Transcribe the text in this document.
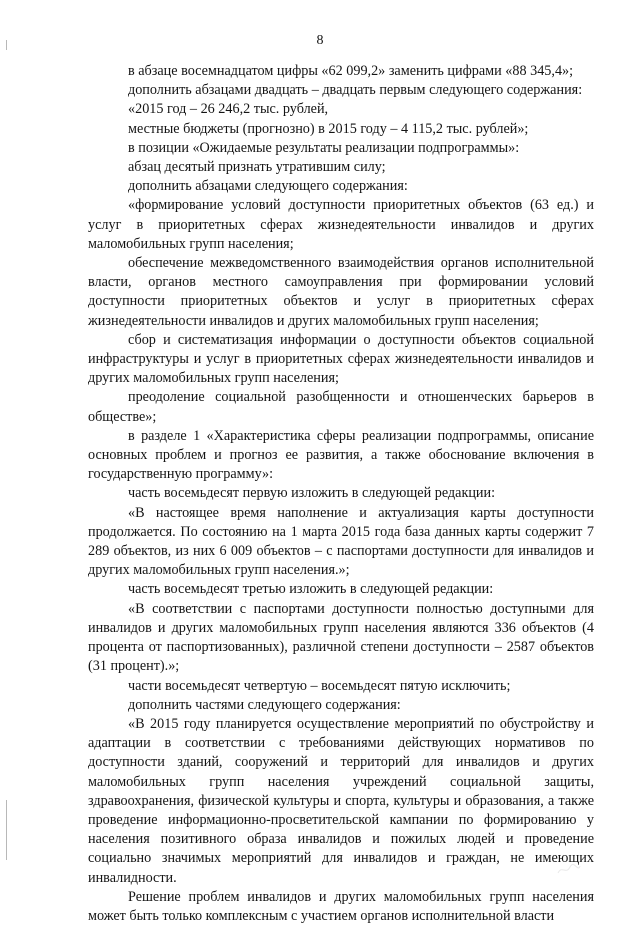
8

в абзаце восемнадцатом цифры «62 099,2» заменить цифрами «88 345,4»;

дополнить абзацами двадцать – двадцать первым следующего содержания:

«2015 год – 26 246,2 тыс. рублей,

местные бюджеты (прогнозно) в 2015 году – 4 115,2 тыс. рублей»;

в позиции «Ожидаемые результаты реализации подпрограммы»:

абзац десятый признать утратившим силу;

дополнить абзацами следующего содержания:

«формирование условий доступности приоритетных объектов (63 ед.) и услуг в приоритетных сферах жизнедеятельности инвалидов и других маломобильных групп населения;

обеспечение межведомственного взаимодействия органов исполнительной власти, органов местного самоуправления при формировании условий доступности приоритетных объектов и услуг в приоритетных сферах жизнедеятельности инвалидов и других маломобильных групп населения;

сбор и систематизация информации о доступности объектов социальной инфраструктуры и услуг в приоритетных сферах жизнедеятельности инвалидов и других маломобильных групп населения;

преодоление социальной разобщенности и отношенческих барьеров в обществе»;

в разделе 1 «Характеристика сферы реализации подпрограммы, описание основных проблем и прогноз ее развития, а также обоснование включения в государственную программу»:

часть восемьдесят первую изложить в следующей редакции:

«В настоящее время наполнение и актуализация карты доступности продолжается. По состоянию на 1 марта 2015 года база данных карты содержит 7 289 объектов, из них 6 009 объектов – с паспортами доступности для инвалидов и других маломобильных групп населения.»;

часть восемьдесят третью изложить в следующей редакции:

«В соответствии с паспортами доступности полностью доступными для инвалидов и других маломобильных групп населения являются 336 объектов (4 процента от паспортизованных), различной степени доступности – 2587 объектов (31 процент).»;

части восемьдесят четвертую – восемьдесят пятую исключить;

дополнить частями следующего содержания:

«В 2015 году планируется осуществление мероприятий по обустройству и адаптации в соответствии с требованиями действующих нормативов по доступности зданий, сооружений и территорий для инвалидов и других маломобильных групп населения учреждений социальной защиты, здравоохранения, физической культуры и спорта, культуры и образования, а также проведение информационно-просветительской кампании по формированию у населения позитивного образа инвалидов и пожилых людей и проведение социально значимых мероприятий для инвалидов и граждан, не имеющих инвалидности.

Решение проблем инвалидов и других маломобильных групп населения может быть только комплексным с участием органов исполнительной власти
